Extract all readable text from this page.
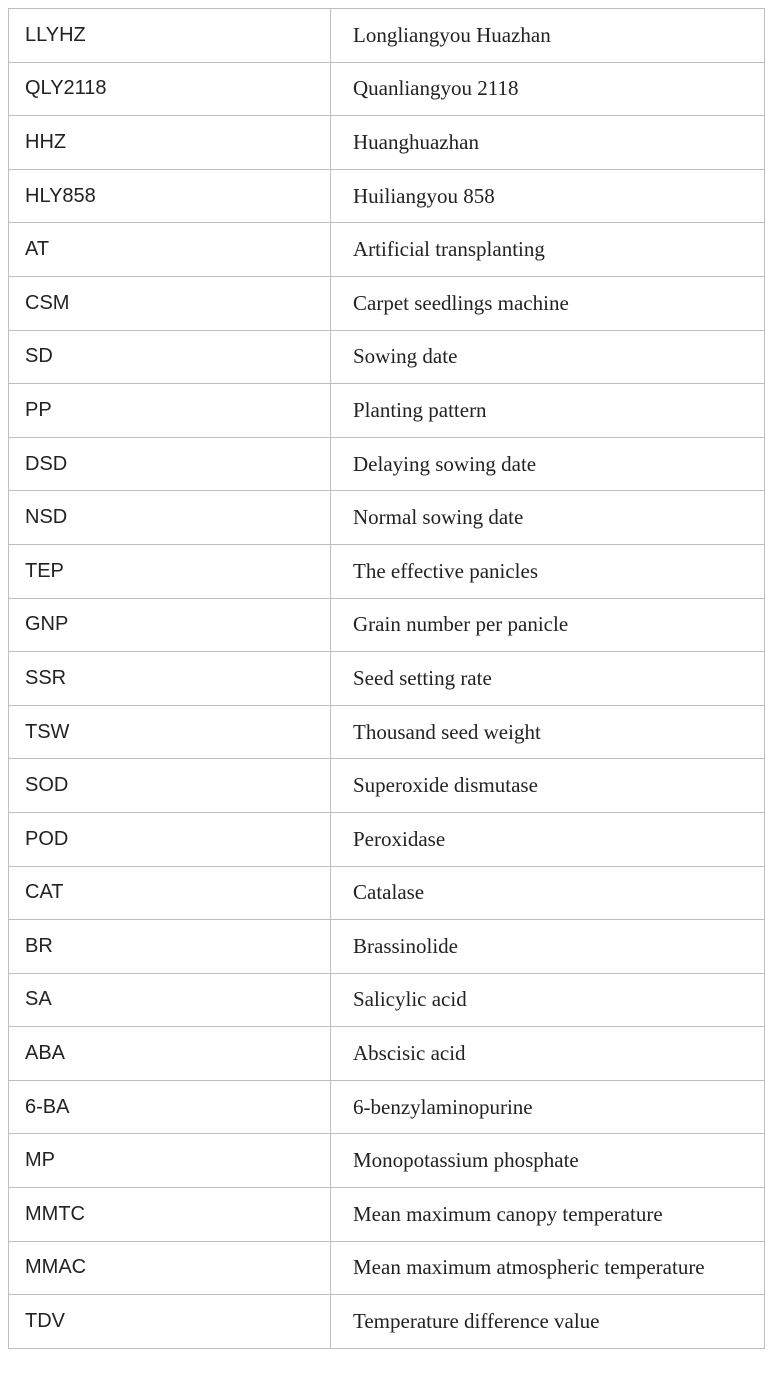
LLYHZ	Longliangyou Huazhan
QLY2118	Quanliangyou 2118
HHZ	Huanghuazhan
HLY858	Huiliangyou 858
AT	Artificial transplanting
CSM	Carpet seedlings machine
SD	Sowing date
PP	Planting pattern
DSD	Delaying sowing date
NSD	Normal sowing date
TEP	The effective panicles
GNP	Grain number per panicle
SSR	Seed setting rate
TSW	Thousand seed weight
SOD	Superoxide dismutase
POD	Peroxidase
CAT	Catalase
BR	Brassinolide
SA	Salicylic acid
ABA	Abscisic acid
6-BA	6-benzylaminopurine
MP	Monopotassium phosphate
MMTC	Mean maximum canopy temperature
MMAC	Mean maximum atmospheric temperature
TDV	Temperature difference value
